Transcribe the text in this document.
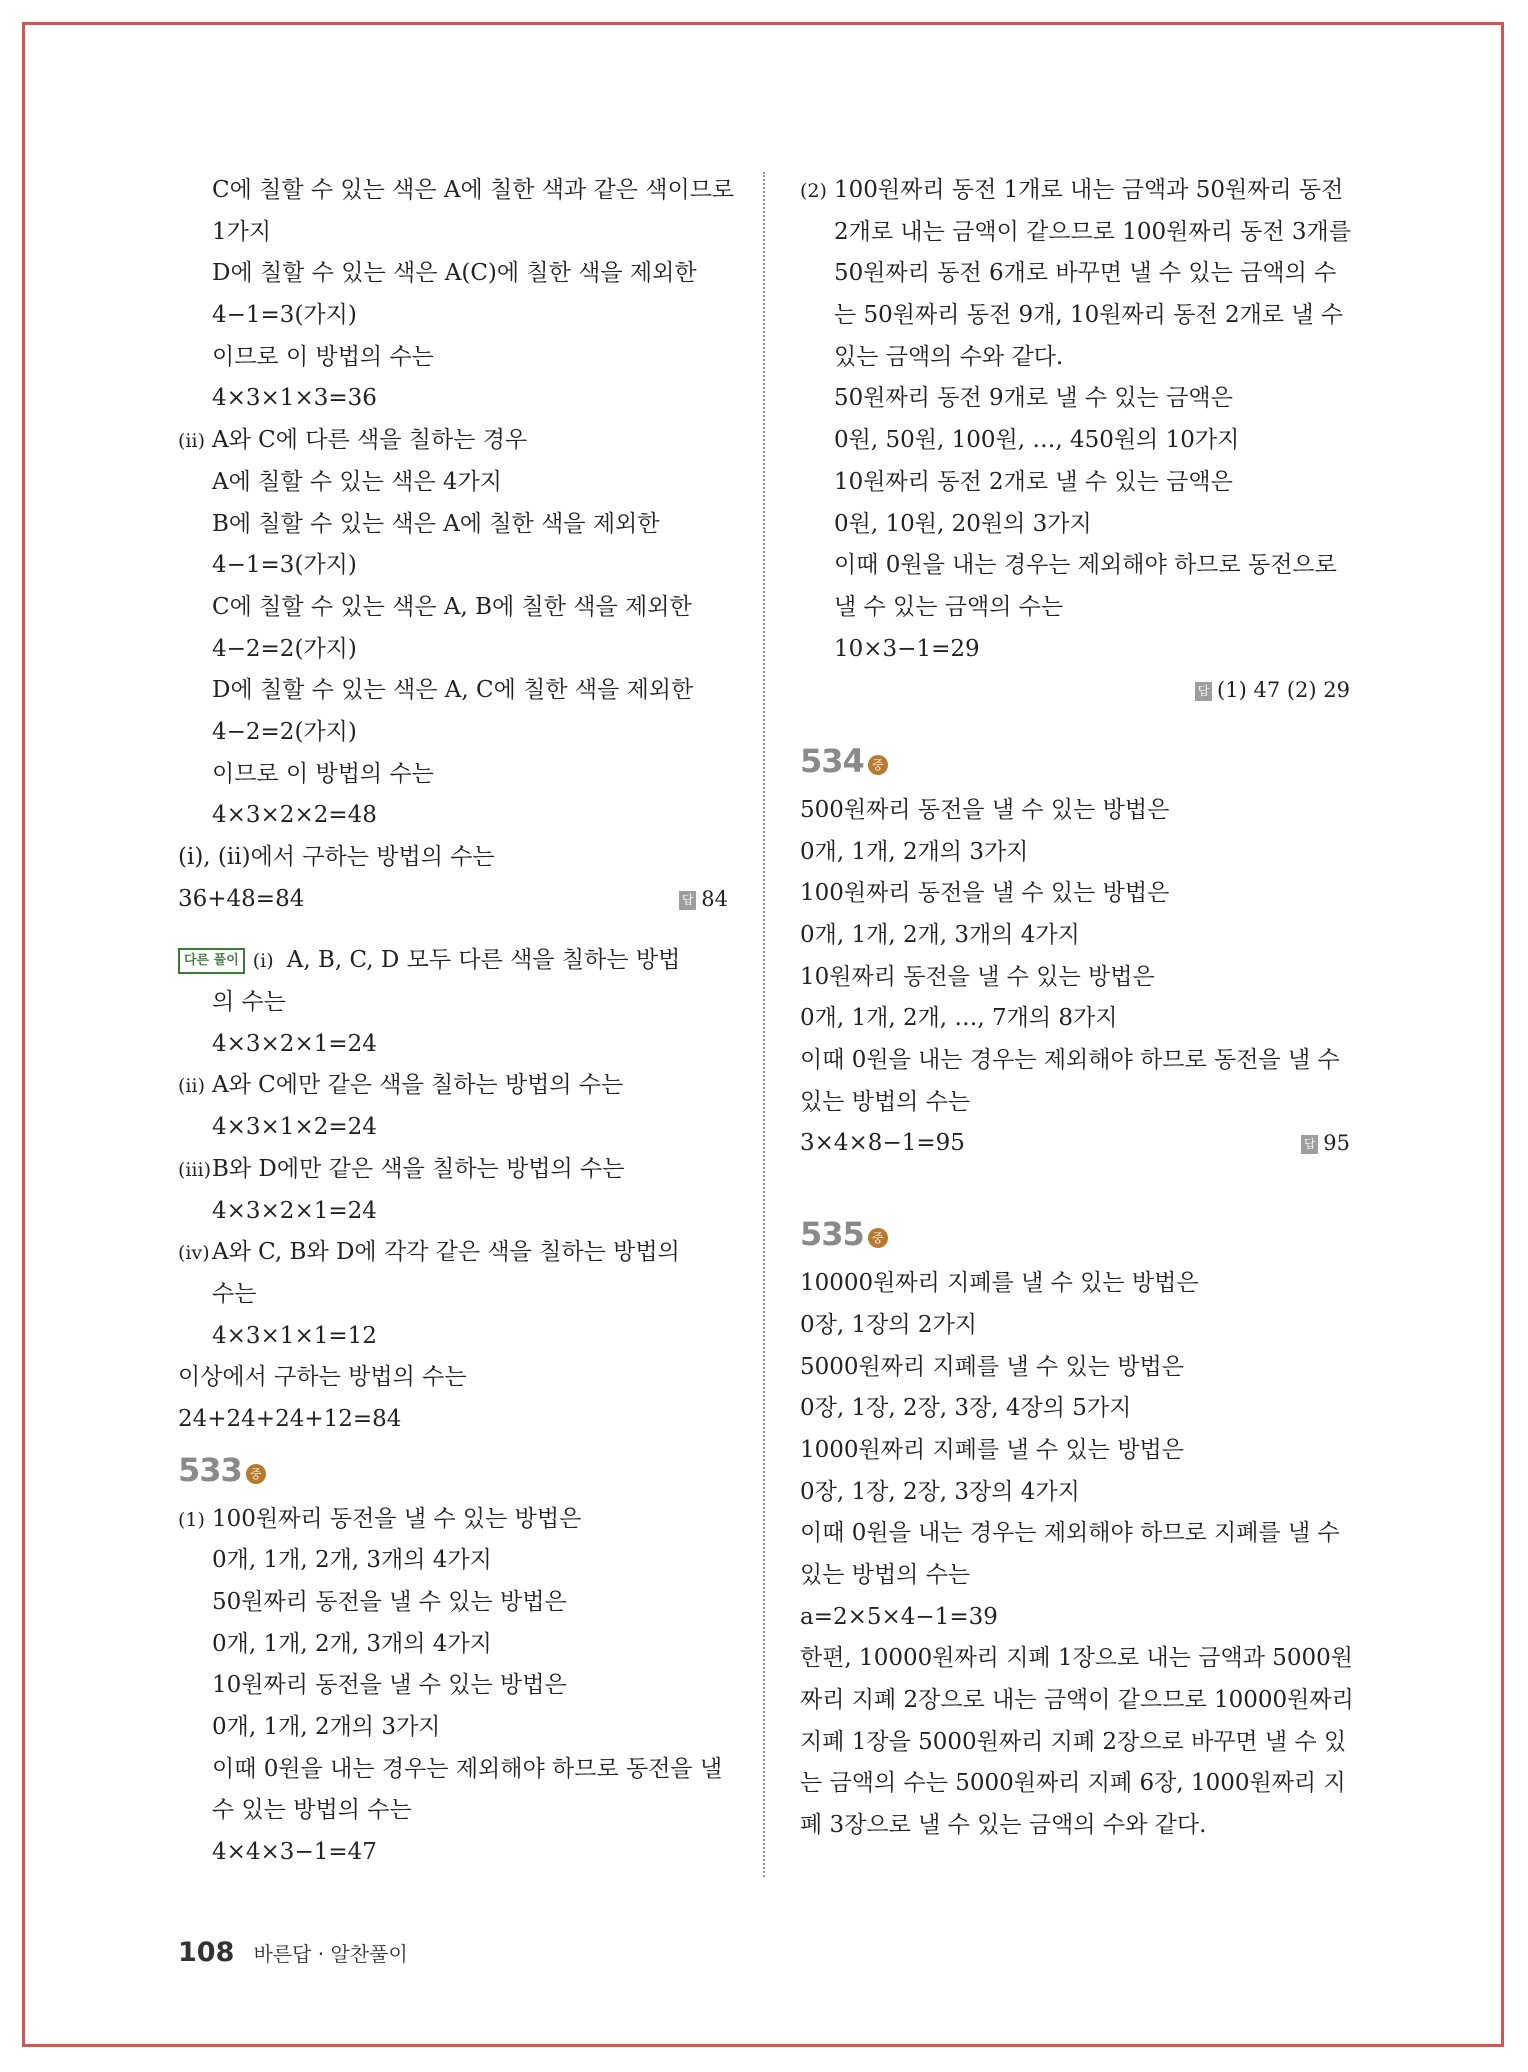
C에 칠할 수 있는 색은 A에 칠한 색과 같은 색이므로
1가지
D에 칠할 수 있는 색은 A(C)에 칠한 색을 제외한
4−1=3(가지)
이므로 이 방법의 수는
4×3×1×3=36
(ⅱ) A와 C에 다른 색을 칠하는 경우
A에 칠할 수 있는 색은 4가지
B에 칠할 수 있는 색은 A에 칠한 색을 제외한
4−1=3(가지)
C에 칠할 수 있는 색은 A, B에 칠한 색을 제외한
4−2=2(가지)
D에 칠할 수 있는 색은 A, C에 칠한 색을 제외한
4−2=2(가지)
이므로 이 방법의 수는
4×3×2×2=48
(ⅰ), (ⅱ)에서 구하는 방법의 수는
36+48=84	답 84
다른 풀이 (ⅰ) A, B, C, D 모두 다른 색을 칠하는 방법
의 수는
4×3×2×1=24
(ⅱ) A와 C에만 같은 색을 칠하는 방법의 수는
4×3×1×2=24
(ⅲ)B와 D에만 같은 색을 칠하는 방법의 수는
4×3×2×1=24
(ⅳ) A와 C, B와 D에 각각 같은 색을 칠하는 방법의
수는
4×3×1×1=12
이상에서 구하는 방법의 수는
24+24+24+12=84
533 중
(1) 100원짜리 동전을 낼 수 있는 방법은
0개, 1개, 2개, 3개의 4가지
50원짜리 동전을 낼 수 있는 방법은
0개, 1개, 2개, 3개의 4가지
10원짜리 동전을 낼 수 있는 방법은
0개, 1개, 2개의 3가지
이때 0원을 내는 경우는 제외해야 하므로 동전을 낼
수 있는 방법의 수는
4×4×3−1=47
(2) 100원짜리 동전 1개로 내는 금액과 50원짜리 동전
2개로 내는 금액이 같으므로 100원짜리 동전 3개를
50원짜리 동전 6개로 바꾸면 낼 수 있는 금액의 수
는 50원짜리 동전 9개, 10원짜리 동전 2개로 낼 수
있는 금액의 수와 같다.
50원짜리 동전 9개로 낼 수 있는 금액은
0원, 50원, 100원, …, 450원의 10가지
10원짜리 동전 2개로 낼 수 있는 금액은
0원, 10원, 20원의 3가지
이때 0원을 내는 경우는 제외해야 하므로 동전으로
낼 수 있는 금액의 수는
10×3−1=29
답 (1) 47 (2) 29
534 중
500원짜리 동전을 낼 수 있는 방법은
0개, 1개, 2개의 3가지
100원짜리 동전을 낼 수 있는 방법은
0개, 1개, 2개, 3개의 4가지
10원짜리 동전을 낼 수 있는 방법은
0개, 1개, 2개, …, 7개의 8가지
이때 0원을 내는 경우는 제외해야 하므로 동전을 낼 수
있는 방법의 수는
3×4×8−1=95	답 95
535 중
10000원짜리 지폐를 낼 수 있는 방법은
0장, 1장의 2가지
5000원짜리 지폐를 낼 수 있는 방법은
0장, 1장, 2장, 3장, 4장의 5가지
1000원짜리 지폐를 낼 수 있는 방법은
0장, 1장, 2장, 3장의 4가지
이때 0원을 내는 경우는 제외해야 하므로 지폐를 낼 수
있는 방법의 수는
a=2×5×4−1=39
한편, 10000원짜리 지폐 1장으로 내는 금액과 5000원
짜리 지폐 2장으로 내는 금액이 같으므로 10000원짜리
지폐 1장을 5000원짜리 지폐 2장으로 바꾸면 낼 수 있
는 금액의 수는 5000원짜리 지폐 6장, 1000원짜리 지
폐 3장으로 낼 수 있는 금액의 수와 같다.
108 바른답 · 알찬풀이
